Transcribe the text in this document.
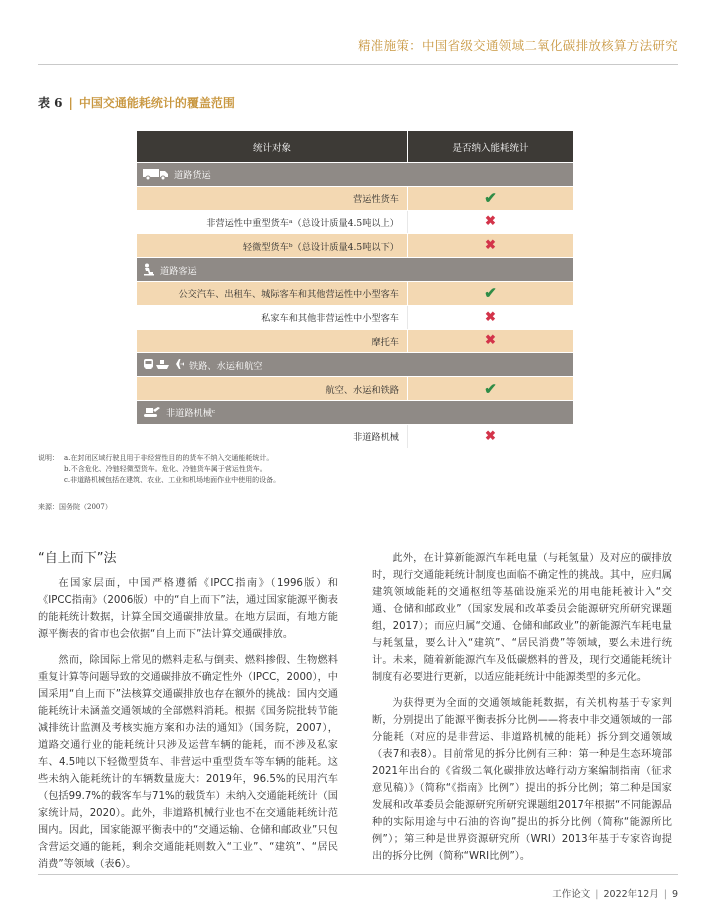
精准施策：中国省级交通领域二氧化碳排放核算方法研究
表 6 | 中国交通能耗统计的覆盖范围
统计对象	是否纳入能耗统计
道路货运
营运性货车	✔
非营运性中重型货车ᵃ（总设计质量4.5吨以上）	✖
轻微型货车ᵇ（总设计质量4.5吨以下）	✖
道路客运
公交汽车、出租车、城际客车和其他营运性中小型客车	✔
私家车和其他非营运性中小型客车	✖
摩托车	✖
铁路、水运和航空
航空、水运和铁路	✔
非道路机械ᶜ
非道路机械	✖
说明： a.在封闭区域行驶且用于非经营性目的的货车不纳入交通能耗统计。
b.不含危化、冷链轻微型货车。危化、冷链货车属于营运性货车。
c.非道路机械包括在建筑、农业、工业和机场地面作业中使用的设备。
来源：国务院（2007）
“自上而下”法

在国家层面，中国严格遵循《IPCC指南》（1996版）和《IPCC指南》（2006版）中的“自上而下”法，通过国家能源平衡表的能耗统计数据，计算全国交通碳排放量。在地方层面，有地方能源平衡表的省市也会依据“自上而下”法计算交通碳排放。

然而，除国际上常见的燃料走私与倒卖、燃料掺假、生物燃料重复计算等问题导致的交通碳排放不确定性外（IPCC，2000），中国采用“自上而下”法核算交通碳排放也存在额外的挑战：国内交通能耗统计未涵盖交通领域的全部燃料消耗。根据《国务院批转节能减排统计监测及考核实施方案和办法的通知》（国务院，2007），道路交通行业的能耗统计只涉及运营车辆的能耗，而不涉及私家车、4.5吨以下轻微型货车、非营运中重型货车等车辆的能耗。这些未纳入能耗统计的车辆数量庞大：2019年，96.5%的民用汽车（包括99.7%的载客车与71%的载货车）未纳入交通能耗统计（国家统计局，2020）。此外，非道路机械行业也不在交通能耗统计范围内。因此，国家能源平衡表中的“交通运输、仓储和邮政业”只包含营运交通的能耗，剩余交通能耗则数入“工业”、“建筑”、“居民消费”等领域（表6）。

此外，在计算新能源汽车耗电量（与耗氢量）及对应的碳排放时，现行交通能耗统计制度也面临不确定性的挑战。其中，应归属建筑领域能耗的交通枢纽等基础设施采光的用电能耗被计入“交通、仓储和邮政业”（国家发展和改革委员会能源研究所研究课题组，2017）；而应归属“交通、仓储和邮政业”的新能源汽车耗电量与耗氢量，要么计入“建筑”、“居民消费”等领域，要么未进行统计。未来，随着新能源汽车及低碳燃料的普及，现行交通能耗统计制度有必要进行更新，以适应能耗统计中能源类型的多元化。

为获得更为全面的交通领域能耗数据，有关机构基于专家判断，分别提出了能源平衡表拆分比例——将表中非交通领域的一部分能耗（对应的是非营运、非道路机械的能耗）拆分到交通领域（表7和表8）。目前常见的拆分比例有三种：第一种是生态环境部2021年出台的《省级二氧化碳排放达峰行动方案编制指南（征求意见稿）》（简称“《指南》比例”）提出的拆分比例；第二种是国家发展和改革委员会能源研究所研究课题组2017年根据“不同能源品种的实际用途与中石油的咨询”提出的拆分比例（简称“能源所比例”）；第三种是世界资源研究所（WRI）2013年基于专家咨询提出的拆分比例（简称“WRI比例”）。

工作论文 | 2022年12月 | 9
